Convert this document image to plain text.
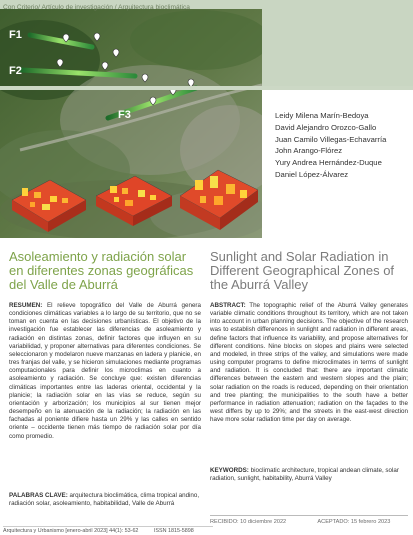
F1
F2
F3
Con Criterio/ Artículo de investigación / Arquitectura bioclimática
Leidy Milena Marín-Bedoya
David Alejandro Orozco-Gallo
Juan Camilo Villegas-Echavarría
John Arango-Flórez
Yury Andrea Hernández-Duque
Daniel López-Álvarez
Asoleamiento y radiación solar en diferentes zonas geográficas del Valle de Aburrá
Sunlight and Solar Radiation in Different Geographical Zones of the Aburrá Valley

RESUMEN: El relieve topográfico del Valle de Aburrá genera condiciones climáticas variables a lo largo de su territorio, que no se toman en cuenta en las decisiones urbanísticas. El objetivo de la investigación fue establecer las diferencias de asoleamiento y radiación en distintas zonas, definir factores que influyen en su variabilidad, y proponer alternativas para diferentes condiciones. Se seleccionaron y modelaron nueve manzanas en ladera y planicie, en tres franjas del valle, y se hicieron simulaciones mediante programas computacionales para definir los microclimas en cuanto a asoleamiento y radiación. Se concluye que: existen diferencias climáticas importantes entre las laderas oriental, occidental y la planicie; la radiación solar en las vías se reduce, según su orientación y arborización; los municipios al sur tienen mejor desempeño en la atenuación de la radiación; la radiación en las fachadas al poniente difiere hasta un 29% y las calles en sentido oriente – occidente tienen más tiempo de radiación solar por día como promedio.

PALABRAS CLAVE: arquitectura bioclimática, clima tropical andino, radiación solar, asoleamiento, habitabilidad, Valle de Aburrá

ABSTRACT: The topographic relief of the Aburrá Valley generates variable climatic conditions throughout its territory, which are not taken into account in urban planning decisions. The objective of the research was to establish differences in sunlight and radiation in different areas, define factors that influence its variability, and propose alternatives for different conditions. Nine blocks on slopes and plains were selected and modeled, in three strips of the valley, and simulations were made using computer programs to define microclimates in terms of sunlight and radiation. It is concluded that: there are important climatic differences between the eastern and western slopes and the plain; solar radiation on the roads is reduced, depending on their orientation and tree planting; the municipalities to the south have a better performance in radiation attenuation; radiation on the façades to the west differs by up to 29%; and the streets in the east-west direction have more solar radiation time per day on average.

KEYWORDS: bioclimatic architecture, tropical andean climate, solar radiation, sunlight, habitability, Aburrá Valley

RECIBIDO: 10 diciembre 2022	ACEPTADO: 15 febrero 2023
Arquitectura y Urbanismo [enero-abril 2023] 44(1): 53-62	ISSN 1815-5898
